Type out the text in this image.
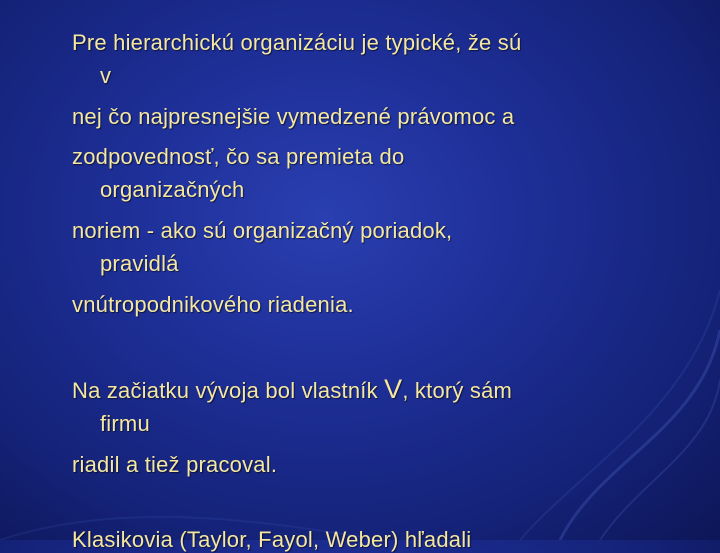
Pre hierarchickú organizáciu je typické, že sú

v

nej čo najpresnejšie vymedzené právomoc a

zodpovednosť, čo sa premieta do

organizačných

noriem - ako sú organizačný poriadok,

pravidlá

vnútropodnikového riadenia.

Na začiatku vývoja bol vlastník V, ktorý sám

firmu

riadil a tiež pracoval.

Klasikovia (Taylor, Fayol, Weber) hľadali
